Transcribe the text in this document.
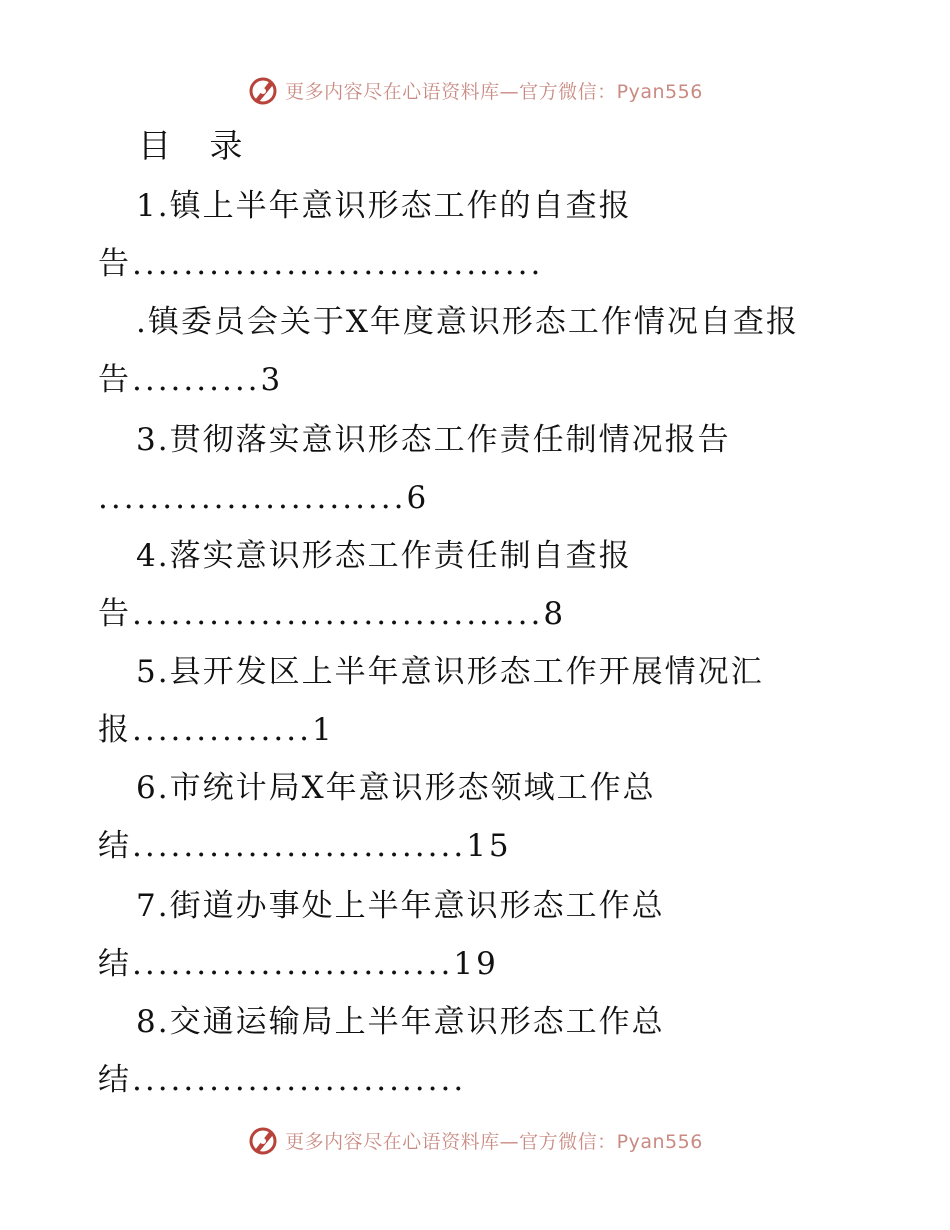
更多内容尽在心语资料库—官方微信：Pyan556
目 录
1.镇上半年意识形态工作的自查报
告................................
.镇委员会关于X年度意识形态工作情况自查报
告..........3
3.贯彻落实意识形态工作责任制情况报告
........................6
4.落实意识形态工作责任制自查报
告................................8
5.县开发区上半年意识形态工作开展情况汇
报..............1
6.市统计局X年意识形态领域工作总
结..........................15
7.街道办事处上半年意识形态工作总
结.........................19
8.交通运输局上半年意识形态工作总
结..........................
更多内容尽在心语资料库—官方微信：Pyan556
